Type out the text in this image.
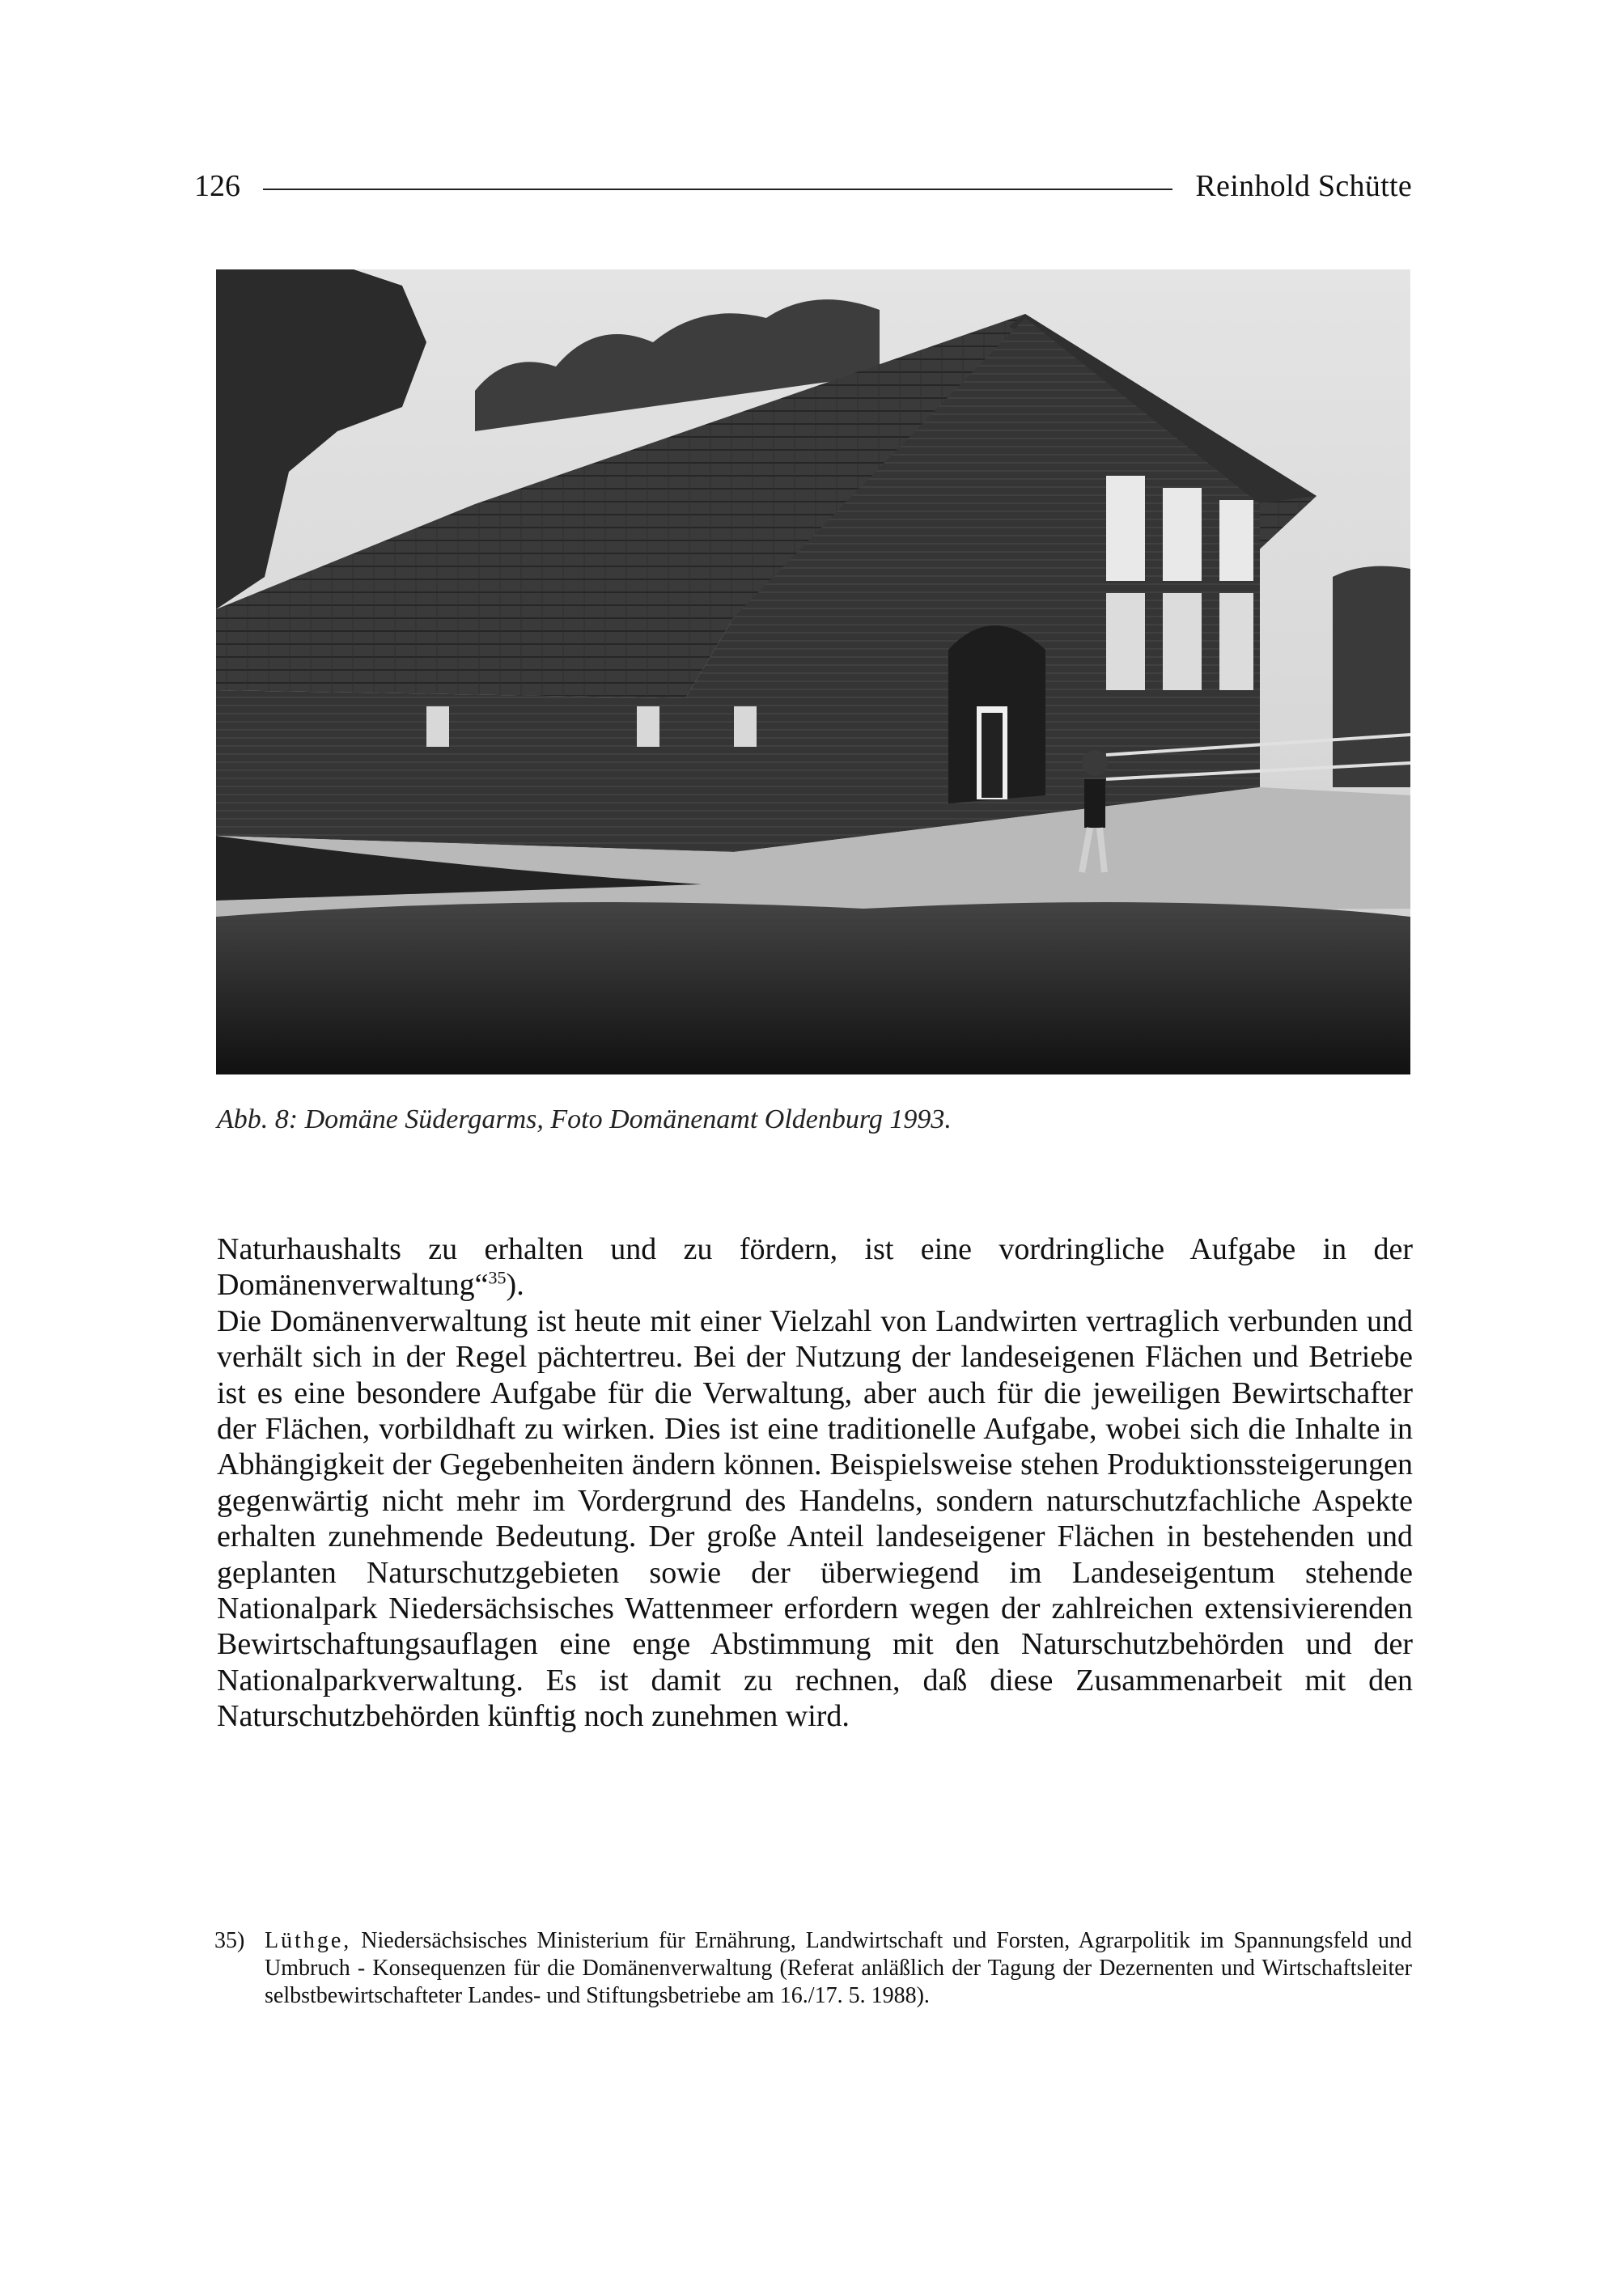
126	Reinhold Schütte
Abb. 8: Domäne Südergarms, Foto Domänenamt Oldenburg 1993.

Naturhaushalts zu erhalten und zu fördern, ist eine vordringliche Aufgabe in der Domänenverwaltung“$^{35}$).

Die Domänenverwaltung ist heute mit einer Vielzahl von Landwirten vertraglich verbunden und verhält sich in der Regel pächtertreu. Bei der Nutzung der landeseigenen Flächen und Betriebe ist es eine besondere Aufgabe für die Verwaltung, aber auch für die jeweiligen Bewirtschafter der Flächen, vorbildhaft zu wirken. Dies ist eine traditionelle Aufgabe, wobei sich die Inhalte in Abhängigkeit der Gegebenheiten ändern können. Beispielsweise stehen Produktionssteigerungen gegenwärtig nicht mehr im Vordergrund des Handelns, sondern naturschutzfachliche Aspekte erhalten zunehmende Bedeutung. Der große Anteil landeseigener Flächen in bestehenden und geplanten Naturschutzgebieten sowie der überwiegend im Landeseigentum stehende Nationalpark Niedersächsisches Wattenmeer erfordern wegen der zahlreichen extensivierenden Bewirtschaftungsauflagen eine enge Abstimmung mit den Naturschutzbehörden und der Nationalparkverwaltung. Es ist damit zu rechnen, daß diese Zusammenarbeit mit den Naturschutzbehörden künftig noch zunehmen wird.

35) Lüthge, Niedersächsisches Ministerium für Ernährung, Landwirtschaft und Forsten, Agrarpolitik im Spannungsfeld und Umbruch - Konsequenzen für die Domänenverwaltung (Referat anläßlich der Tagung der Dezernenten und Wirtschaftsleiter selbstbewirtschafteter Landes- und Stiftungsbetriebe am 16./17. 5. 1988).
